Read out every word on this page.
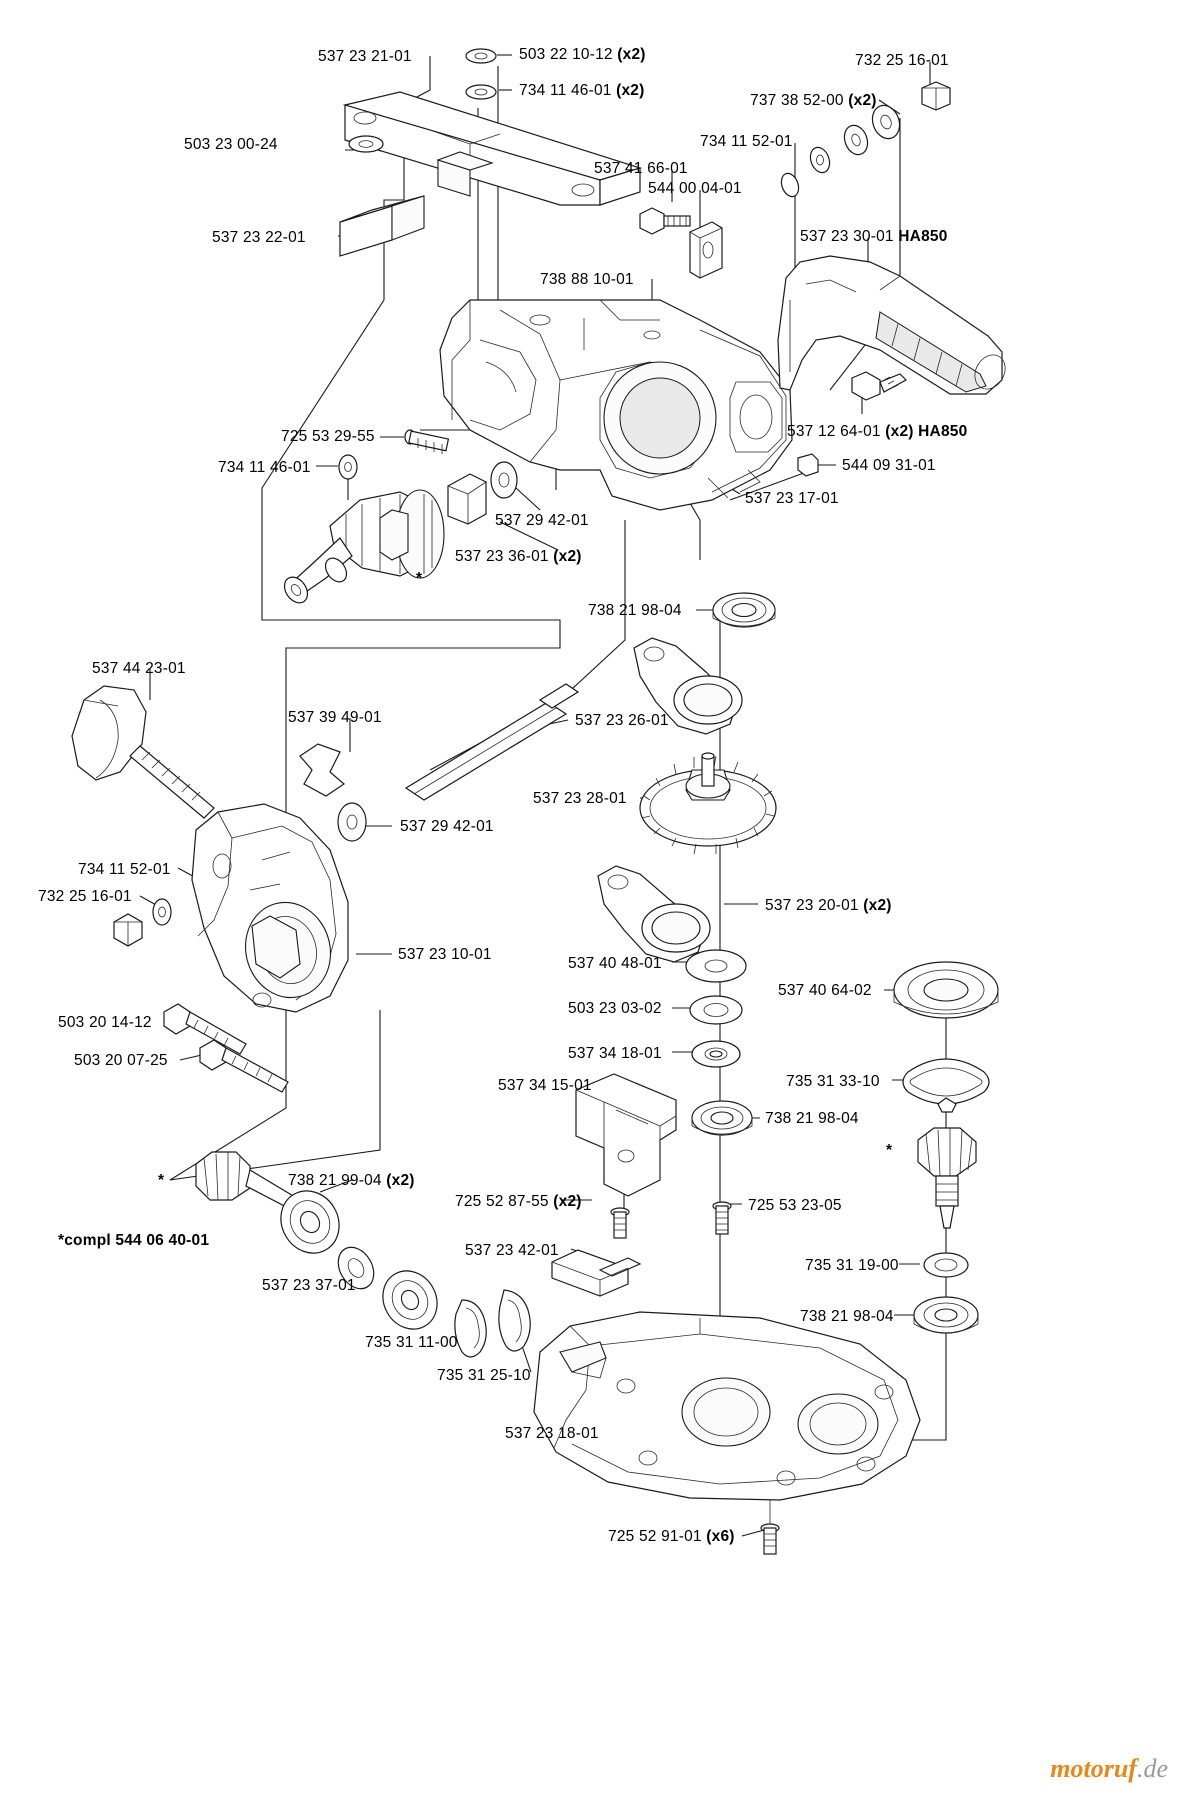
537 23 21-01	503 22 10-12 (x2)
734 11 46-01 (x2)
732 25 16-01
737 38 52-00 (x2)
734 11 52-01
503 23 00-24
537 41 66-01
544 00 04-01
537 23 22-01	537 23 30-01 HA850
738 88 10-01
537 12 64-01 (x2) HA850
725 53 29-55
544 09 31-01
734 11 46-01
537 23 17-01
537 29 42-01
537 23 36-01 (x2)
738 21 98-04
537 44 23-01
537 39 49-01	537 23 26-01
537 23 28-01
537 29 42-01
734 11 52-01
537 23 20-01 (x2)
732 25 16-01
537 40 48-01
537 23 10-01
537 40 64-02
503 23 03-02
503 20 14-12
537 34 18-01
503 20 07-25
735 31 33-10
537 34 15-01
738 21 98-04
738 21 99-04 (x2)
725 52 87-55 (x2)	725 53 23-05
*compl 544 06 40-01
735 31 19-00
537 23 42-01
537 23 37-01
738 21 98-04
735 31 11-00
735 31 25-10
537 23 18-01
725 52 91-01 (x6)
*
*
*
motoruf.de
